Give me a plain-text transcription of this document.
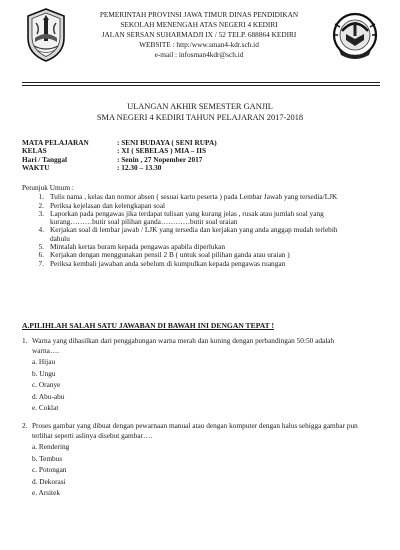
PEMERINTAH PROVINSI JAWA TIMUR DINAS PENDIDIKAN
SEKOLAH MENENGAH ATAS NEGERI 4 KEDIRI
JALAN SERSAN SUHARMADJI IX / 52 TELP. 688864 KEDIRI
WEBSITE : http:/www.sman4-kdr.sch.id
e-mail : infosman4kdr@sch.id
ULANGAN AKHIR SEMESTER GANJIL
SMA NEGERI 4 KEDIRI TAHUN PELAJARAN 2017-2018
MATA PELAJARAN	: SENI BUDAYA ( SENI RUPA)
KELAS	: XI ( SEBELAS ) MIA – IIS
Hari / Tanggal	: Senin , 27 Nopember 2017
WAKTU	: 12.30 – 13.30
Petunjuk Umum :
1. Tulis nama , kelas dan nomor absen ( sesuai kartu peserta ) pada Lembar Jawab yang tersedia/LJK
2. Periksa kejelasan dan kelengkapan soal
3. Laporkan pada pengawas jika terdapat tulisan yang kurang jelas , rusak atau jumlah soal yang kurang………butir soal pilihan ganda…………butir soal uraian
4. Kerjakan soal di lembar jawab / LJK yang tersedia dan kerjakan yang anda anggap mudah terlebih dahulu
5. Mintalah kertas buram kepada pengawas apabila diperlukan
6. Kerjakan dengan menggunakan pensil 2 B ( untuk soal pilihan ganda atau uraian )
7. Periksa kembali jawaban anda sebelum di kumpulkan kepada pengawas ruangan
A.PILIHLAH SALAH SATU JAWABAN DI BAWAH INI DENGAN TEPAT !
1. Warna yang dihasilkan dari penggabungan warna merah dan kuning dengan perbandingan 50:50 adalah warna….
a. Hijau
b. Ungu
c. Oranye
d. Abu-abu
e. Coklat
2. Proses gambar yang dibuat dengan pewarnaan manual atau dengan komputer dengan halus sehigga gambar pun terlihat seperti aslinya disebut gambar….
a. Rendering
b. Tembus
c. Potongan
d. Dekorasi
e. Arsitek
